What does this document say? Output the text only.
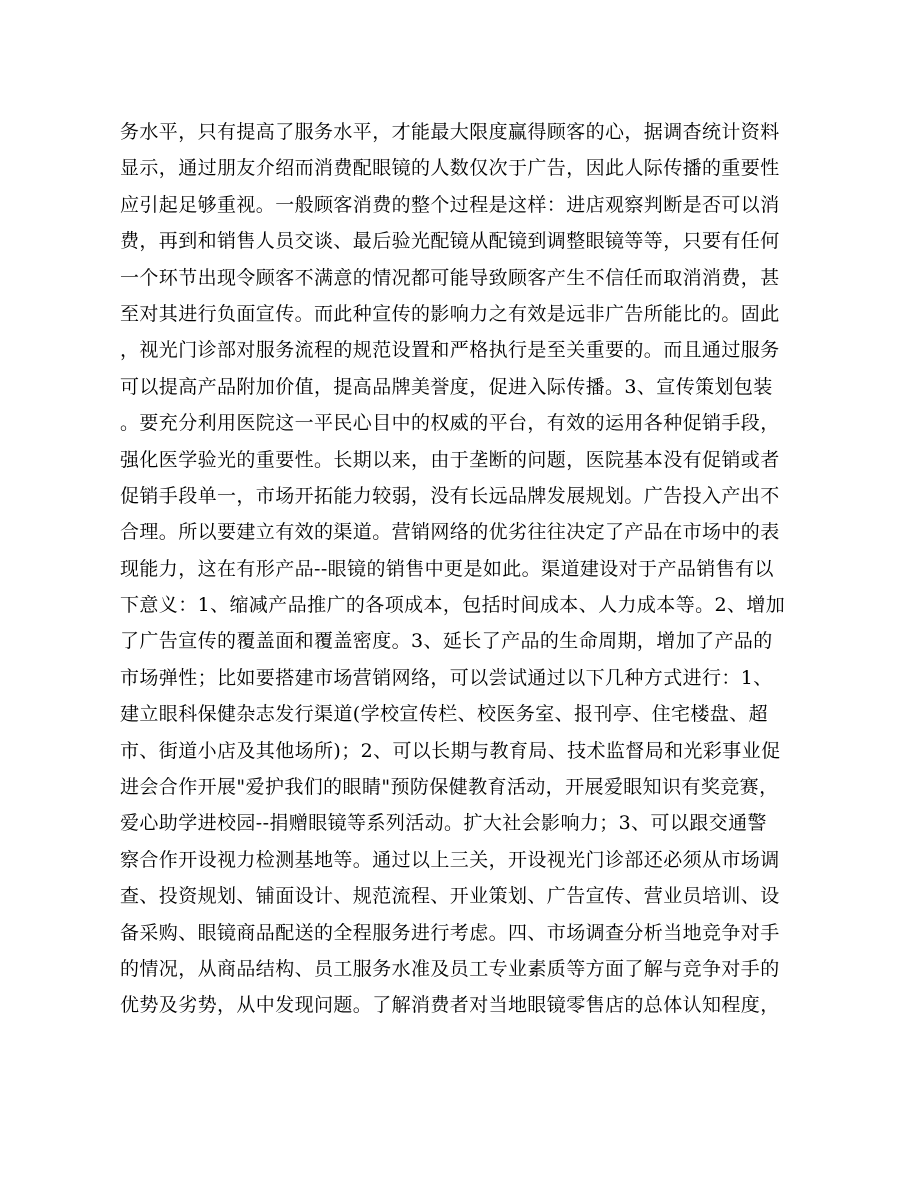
务水平，只有提高了服务水平，才能最大限度赢得顾客的心，据调杳统计资料
显示，通过朋友介绍而消费配眼镜的人数仅次于广告，因此人际传播的重要性
应引起足够重视。一般顾客消费的整个过程是这样：进店观察判断是否可以消
费，再到和销售人员交谈、最后验光配镜从配镜到调整眼镜等等，只要有任何
一个环节出现令顾客不满意的情况都可能导致顾客产生不信任而取消消费，甚
至对其进行负面宣传。而此种宣传的影响力之有效是远非广告所能比的。固此
，视光门诊部对服务流程的规范设置和严格执行是至关重要的。而且通过服务
可以提高产品附加价值，提高品牌美誉度，促进入际传播。3、宣传策划包装
。要充分利用医院这一平民心目中的权威的平台，有效的运用各种促销手段，
强化医学验光的重要性。长期以来，由于垄断的问题，医院基本没有促销或者
促销手段单一，市场开拓能力较弱，没有长远品牌发展规划。广告投入产出不
合理。所以要建立有效的渠道。营销网络的优劣往往决定了产品在市场中的表
现能力，这在有形产品--眼镜的销售中更是如此。渠道建设对于产品销售有以
下意义：1、缩减产品推广的各项成本，包括时间成本、人力成本等。2、增加
了广告宣传的覆盖面和覆盖密度。3、延长了产品的生命周期，增加了产品的
市场弹性；比如要搭建市场营销网络，可以尝试通过以下几种方式进行：1、
建立眼科保健杂志发行渠道(学校宣传栏、校医务室、报刊亭、住宅楼盘、超
市、街道小店及其他场所)；2、可以长期与教育局、技术监督局和光彩事业促
进会合作开展"爱护我们的眼睛"预防保健教育活动，开展爱眼知识有奖竞赛，
爱心助学进校园--捐赠眼镜等系列活动。扩大社会影响力；3、可以跟交通警
察合作开设视力检测基地等。通过以上三关，开设视光门诊部还必须从市场调
查、投资规划、铺面设计、规范流程、开业策划、广告宣传、营业员培训、设
备采购、眼镜商品配送的全程服务进行考虑。四、市场调查分析当地竞争对手
的情况，从商品结构、员工服务水准及员工专业素质等方面了解与竞争对手的
优势及劣势，从中发现问题。了解消费者对当地眼镜零售店的总体认知程度，
